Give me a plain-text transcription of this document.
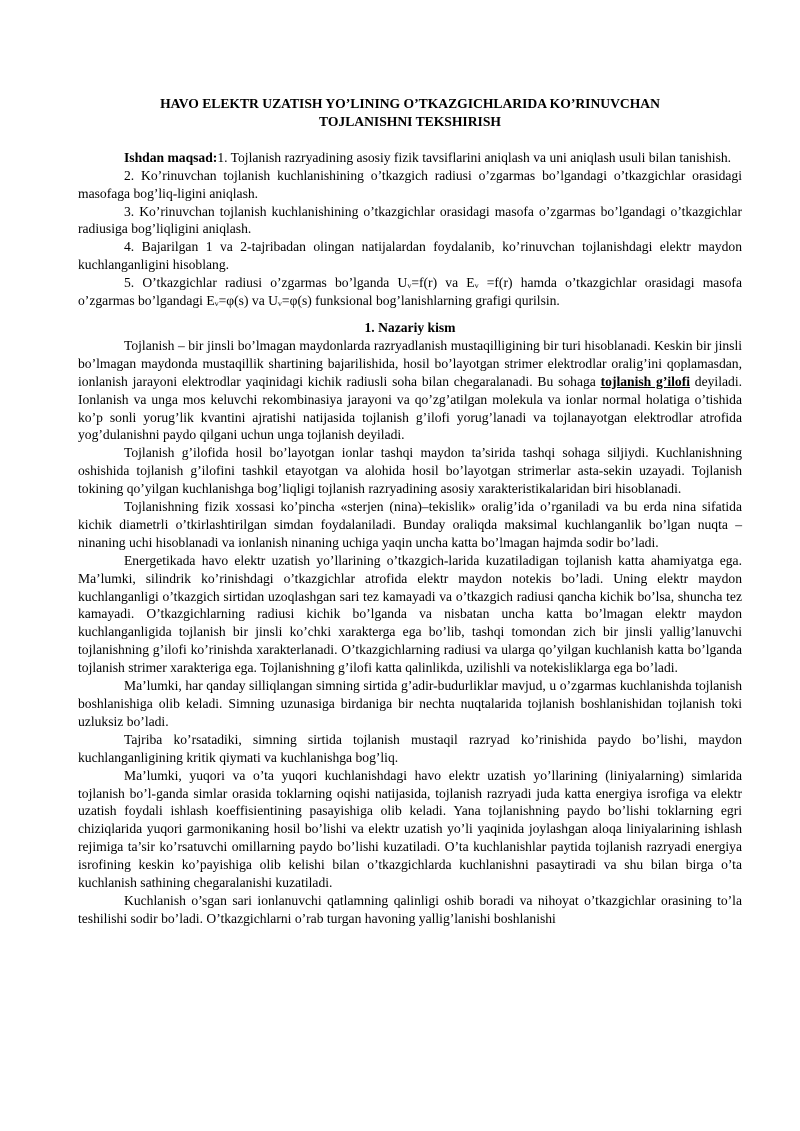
HAVO ELEKTR UZATISH YO’LINING O’TKAZGICHLARIDA KO’RINUVCHAN
TOJLANISHNI TEKSHIRISH

Ishdan maqsad:1. Tojlanish razryadining asosiy fizik tavsiflarini aniqlash va uni aniqlash usuli bilan tanishish.

2. Ko’rinuvchan tojlanish kuchlanishining o’tkazgich radiusi o’zgarmas bo’lgandagi o’tkazgichlar orasidagi masofaga bog’liq-ligini aniqlash.

3. Ko’rinuvchan tojlanish kuchlanishining o’tkazgichlar orasidagi masofa o’zgarmas bo’lgandagi o’tkazgichlar radiusiga bog’liqligini aniqlash.

4. Bajarilgan 1 va 2-tajribadan olingan natijalardan foydalanib, ko’rinuvchan tojlanishdagi elektr maydon kuchlanganligini hisoblang.

5. O’tkazgichlar radiusi o’zgarmas bo’lganda Uᵥ=f(r) va Eᵥ =f(r) hamda o’tkazgichlar orasidagi masofa o’zgarmas bo’lgandagi Eᵥ=φ(s) va Uᵥ=φ(s) funksional bog’lanishlarning grafigi qurilsin.

1. Nazariy kism

Tojlanish – bir jinsli bo’lmagan maydonlarda razryadlanish mustaqilligining bir turi hisoblanadi. Keskin bir jinsli bo’lmagan maydonda mustaqillik shartining bajarilishida, hosil bo’layotgan strimer elektrodlar oralig’ini qoplamasdan, ionlanish jarayoni elektrodlar yaqinidagi kichik radiusli soha bilan chegaralanadi. Bu sohaga tojlanish g’ilofi deyiladi. Ionlanish va unga mos keluvchi rekombinasiya jarayoni va qo’zg’atilgan molekula va ionlar normal holatiga o’tishida ko’p sonli yorug’lik kvantini ajratishi natijasida tojlanish g’ilofi yorug’lanadi va tojlanayotgan elektrodlar atrofida yog’dulanishni paydo qilgani uchun unga tojlanish deyiladi.

Tojlanish g’ilofida hosil bo’layotgan ionlar tashqi maydon ta’sirida tashqi sohaga siljiydi. Kuchlanishning oshishida tojlanish g’ilofini tashkil etayotgan va alohida hosil bo’layotgan strimerlar asta-sekin uzayadi. Tojlanish tokining qo’yilgan kuchlanishga bog’liqligi tojlanish razryadining asosiy xarakteristikalaridan biri hisoblanadi.

Tojlanishning fizik xossasi ko’pincha «sterjen (nina)–tekislik» oralig’ida o’rganiladi va bu erda nina sifatida kichik diametrli o’tkirlashtirilgan simdan foydalaniladi. Bunday oraliqda maksimal kuchlanganlik bo’lgan nuqta – ninaning uchi hisoblanadi va ionlanish ninaning uchiga yaqin uncha katta bo’lmagan hajmda sodir bo’ladi.

Energetikada havo elektr uzatish yo’llarining o’tkazgich-larida kuzatiladigan tojlanish katta ahamiyatga ega. Ma’lumki, silindrik ko’rinishdagi o’tkazgichlar atrofida elektr maydon notekis bo’ladi. Uning elektr maydon kuchlanganligi o’tkazgich sirtidan uzoqlashgan sari tez kamayadi va o’tkazgich radiusi qancha kichik bo’lsa, shuncha tez kamayadi. O’tkazgichlarning radiusi kichik bo’lganda va nisbatan uncha katta bo’lmagan elektr maydon kuchlanganligida tojlanish bir jinsli ko’chki xarakterga ega bo’lib, tashqi tomondan zich bir jinsli yallig’lanuvchi tojlanishning g’ilofi ko’rinishda xarakterlanadi. O’tkazgichlarning radiusi va ularga qo’yilgan kuchlanish katta bo’lganda tojlanish strimer xarakteriga ega. Tojlanishning g’ilofi katta qalinlikda, uzilishli va notekisliklarga ega bo’ladi.

Ma’lumki, har qanday silliqlangan simning sirtida g’adir-budurliklar mavjud, u o’zgarmas kuchlanishda tojlanish boshlanishiga olib keladi. Simning uzunasiga birdaniga bir nechta nuqtalarida tojlanish boshlanishidan tojlanish toki uzluksiz bo’ladi.

Tajriba ko’rsatadiki, simning sirtida tojlanish mustaqil razryad ko’rinishida paydo bo’lishi, maydon kuchlanganligining kritik qiymati va kuchlanishga bog’liq.

Ma’lumki, yuqori va o’ta yuqori kuchlanishdagi havo elektr uzatish yo’llarining (liniyalarning) simlarida tojlanish bo’l-ganda simlar orasida toklarning oqishi natijasida, tojlanish razryadi juda katta energiya isrofiga va elektr uzatish foydali ishlash koeffisientining pasayishiga olib keladi. Yana tojlanishning paydo bo’lishi toklarning egri chiziqlarida yuqori garmonikaning hosil bo’lishi va elektr uzatish yo’li yaqinida joylashgan aloqa liniyalarining ishlash rejimiga ta’sir ko’rsatuvchi omillarning paydo bo’lishi kuzatiladi. O’ta kuchlanishlar paytida tojlanish razryadi energiya isrofining keskin ko’payishiga olib kelishi bilan o’tkazgichlarda kuchlanishni pasaytiradi va shu bilan birga o’ta kuchlanish sathining chegaralanishi kuzatiladi.

Kuchlanish o’sgan sari ionlanuvchi qatlamning qalinligi oshib boradi va nihoyat o’tkazgichlar orasining to’la teshilishi sodir bo’ladi. O’tkazgichlarni o’rab turgan havoning yallig’lanishi boshlanishi
